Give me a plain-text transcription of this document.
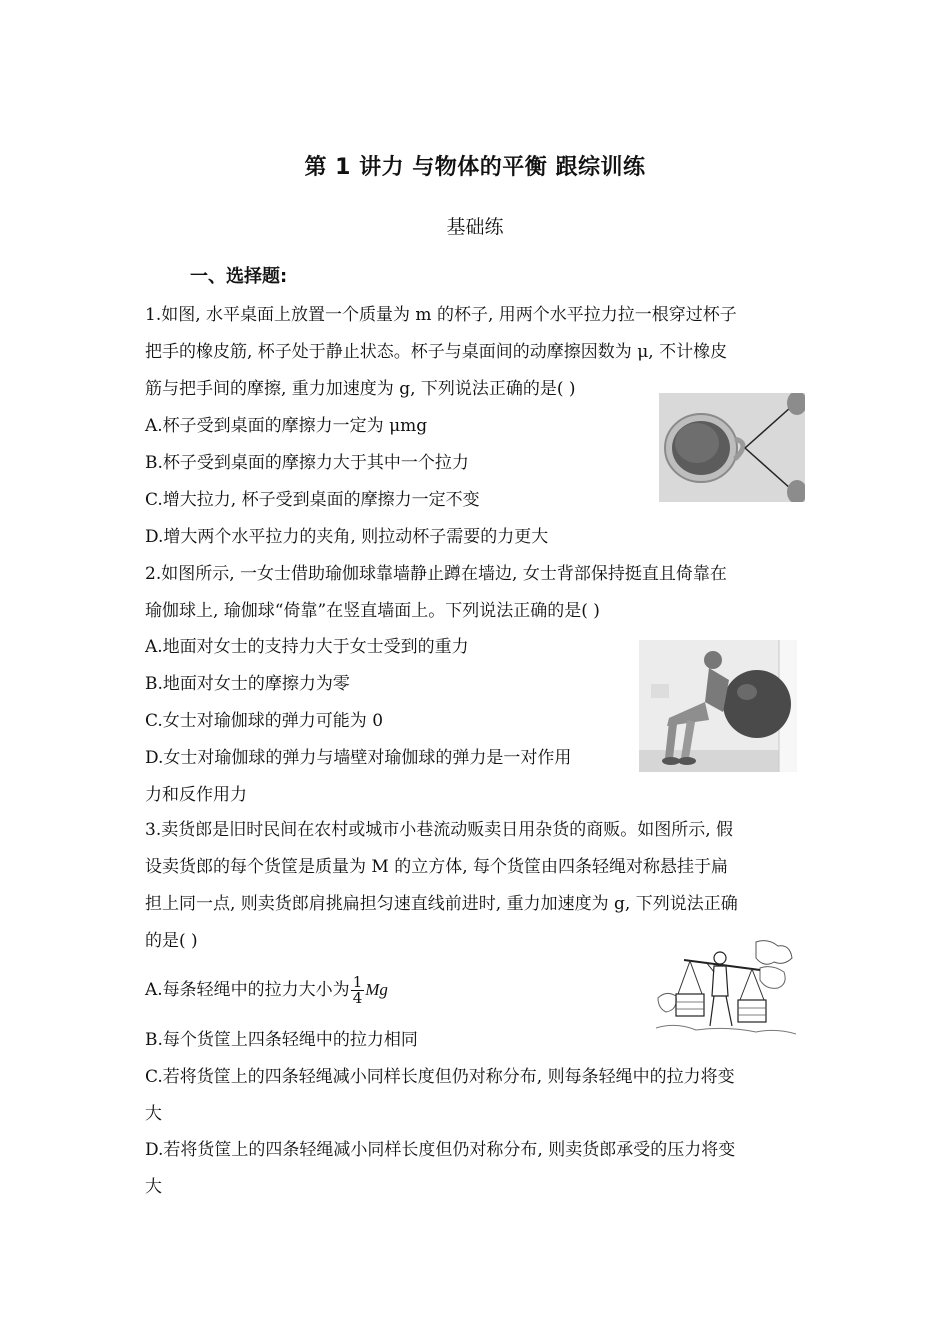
第 1 讲力 与物体的平衡 跟综训练
基础练
一、选择题:
1.如图, 水平桌面上放置一个质量为 m 的杯子, 用两个水平拉力拉一根穿过杯子
把手的橡皮筋, 杯子处于静止状态。杯子与桌面间的动摩擦因数为 μ, 不计橡皮
筋与把手间的摩擦, 重力加速度为 g, 下列说法正确的是( )
A.杯子受到桌面的摩擦力一定为 μmg
B.杯子受到桌面的摩擦力大于其中一个拉力
C.增大拉力, 杯子受到桌面的摩擦力一定不变
D.增大两个水平拉力的夹角, 则拉动杯子需要的力更大
2.如图所示, 一女士借助瑜伽球靠墙静止蹲在墙边, 女士背部保持挺直且倚靠在
瑜伽球上, 瑜伽球“倚靠”在竖直墙面上。下列说法正确的是( )
A.地面对女士的支持力大于女士受到的重力
B.地面对女士的摩擦力为零
C.女士对瑜伽球的弹力可能为 0
D.女士对瑜伽球的弹力与墙壁对瑜伽球的弹力是一对作用
力和反作用力
3.卖货郎是旧时民间在农村或城市小巷流动贩卖日用杂货的商贩。如图所示, 假
设卖货郎的每个货筐是质量为 M 的立方体, 每个货筐由四条轻绳对称悬挂于扁
担上同一点, 则卖货郎肩挑扁担匀速直线前进时, 重力加速度为 g, 下列说法正确
的是( )
A.每条轻绳中的拉力大小为 $\frac{1}{4}$ Mg
B.每个货筐上四条轻绳中的拉力相同
C.若将货筐上的四条轻绳减小同样长度但仍对称分布, 则每条轻绳中的拉力将变
大
D.若将货筐上的四条轻绳减小同样长度但仍对称分布, 则卖货郎承受的压力将变
大
